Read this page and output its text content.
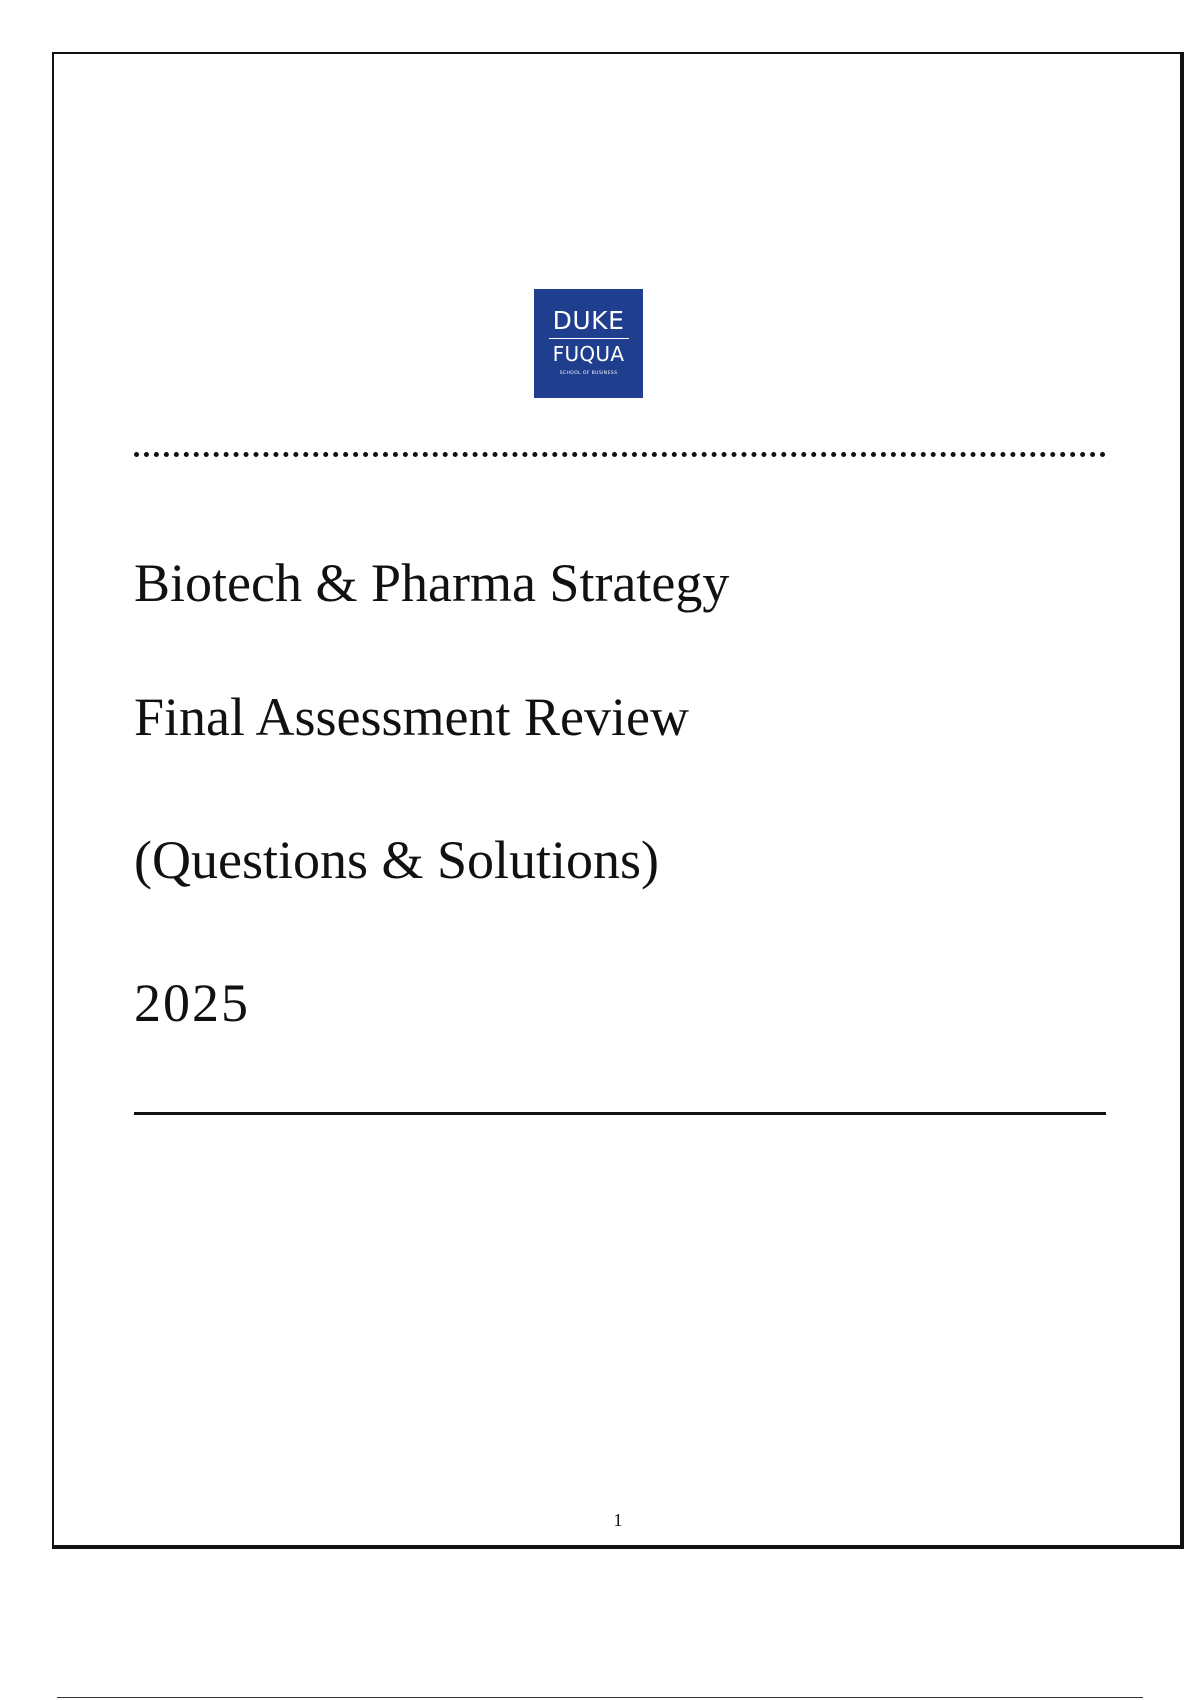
DUKE
FUQUA
SCHOOL OF BUSINESS
Biotech & Pharma Strategy
Final Assessment Review
(Questions & Solutions)
2025
1
